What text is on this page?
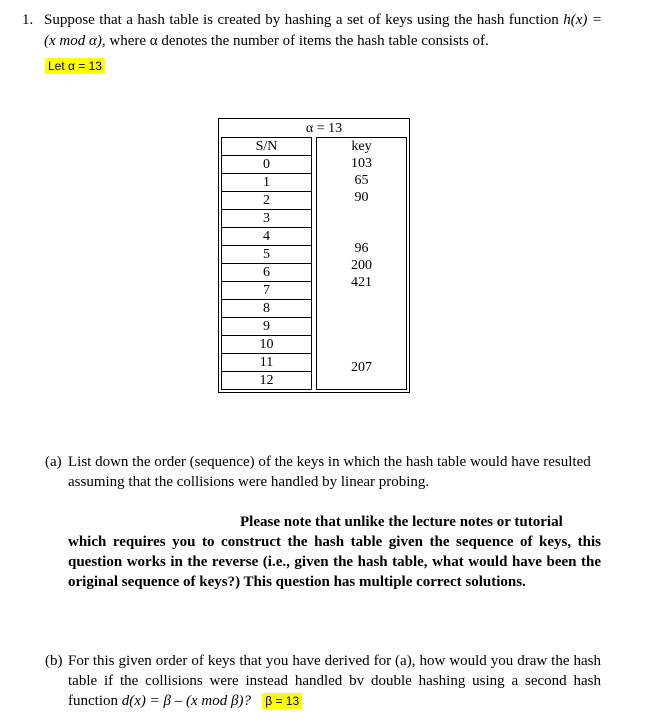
1. Suppose that a hash table is created by hashing a set of keys using the hash function h(x) = (x mod α), where α denotes the number of items the hash table consists of.
Let α = 13
α = 13
S/N
0
1
2
3
4
5
6
7
8
9
10
11
12
key
103
65
90
96
200
421
207
(a) List down the order (sequence) of the keys in which the hash table would have resulted assuming that the collisions were handled by linear probing.
Please note that unlike the lecture notes or tutorial
which requires you to construct the hash table given the sequence of keys, this question works in the reverse (i.e., given the hash table, what would have been the original sequence of keys?) This question has multiple correct solutions.
(b) For this given order of keys that you have derived for (a), how would you draw the hash table if the collisions were instead handled bv double hashing using a second hash function d(x) = β – (x mod β)? β = 13
